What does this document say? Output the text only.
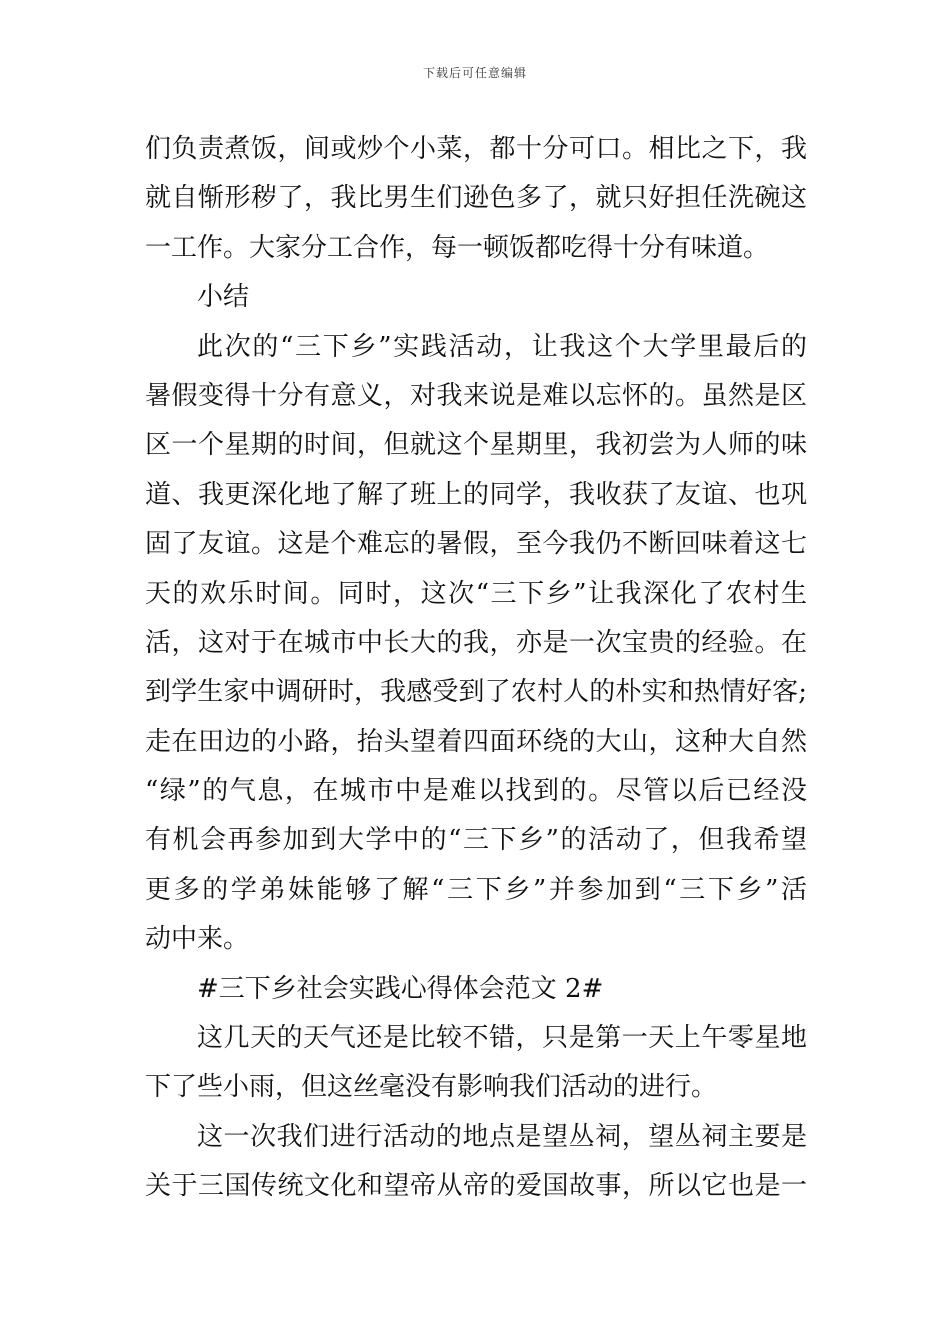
下载后可任意编辑
们负责煮饭，间或炒个小菜，都十分可口。相比之下，我
就自惭形秽了，我比男生们逊色多了，就只好担任洗碗这
一工作。大家分工合作，每一顿饭都吃得十分有味道。
小结
此次的“三下乡”实践活动，让我这个大学里最后的
暑假变得十分有意义，对我来说是难以忘怀的。虽然是区
区一个星期的时间，但就这个星期里，我初尝为人师的味
道、我更深化地了解了班上的同学，我收获了友谊、也巩
固了友谊。这是个难忘的暑假，至今我仍不断回味着这七
天的欢乐时间。同时，这次“三下乡”让我深化了农村生
活，这对于在城市中长大的我，亦是一次宝贵的经验。在
到学生家中调研时，我感受到了农村人的朴实和热情好客;
走在田边的小路，抬头望着四面环绕的大山，这种大自然
“绿”的气息，在城市中是难以找到的。尽管以后已经没
有机会再参加到大学中的“三下乡”的活动了，但我希望
更多的学弟妹能够了解“三下乡”并参加到“三下乡”活
动中来。
#三下乡社会实践心得体会范文 2#
这几天的天气还是比较不错，只是第一天上午零星地
下了些小雨，但这丝毫没有影响我们活动的进行。
这一次我们进行活动的地点是望丛祠，望丛祠主要是
关于三国传统文化和望帝从帝的爱国故事，所以它也是一
